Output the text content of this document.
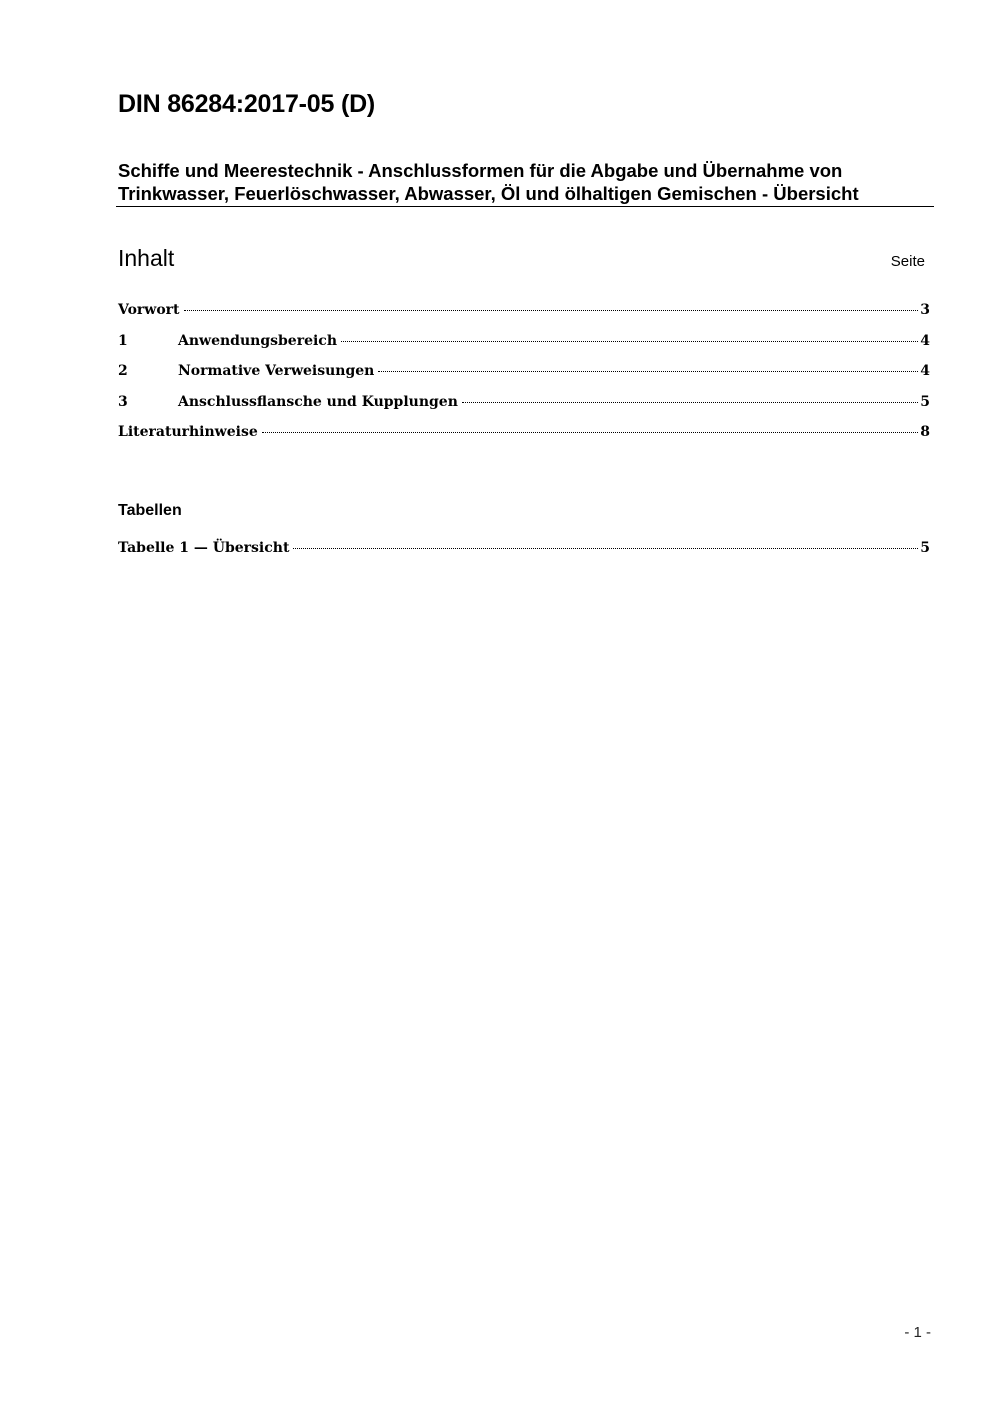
DIN 86284:2017-05 (D)
Schiffe und Meerestechnik - Anschlussformen für die Abgabe und Übernahme von Trinkwasser, Feuerlöschwasser, Abwasser, Öl und ölhaltigen Gemischen - Übersicht
Inhalt	Seite
Vorwort	3
1	Anwendungsbereich	4
2	Normative Verweisungen	4
3	Anschlussflansche und Kupplungen	5
Literaturhinweise	8
Tabellen
Tabelle 1 — Übersicht	5
- 1 -
